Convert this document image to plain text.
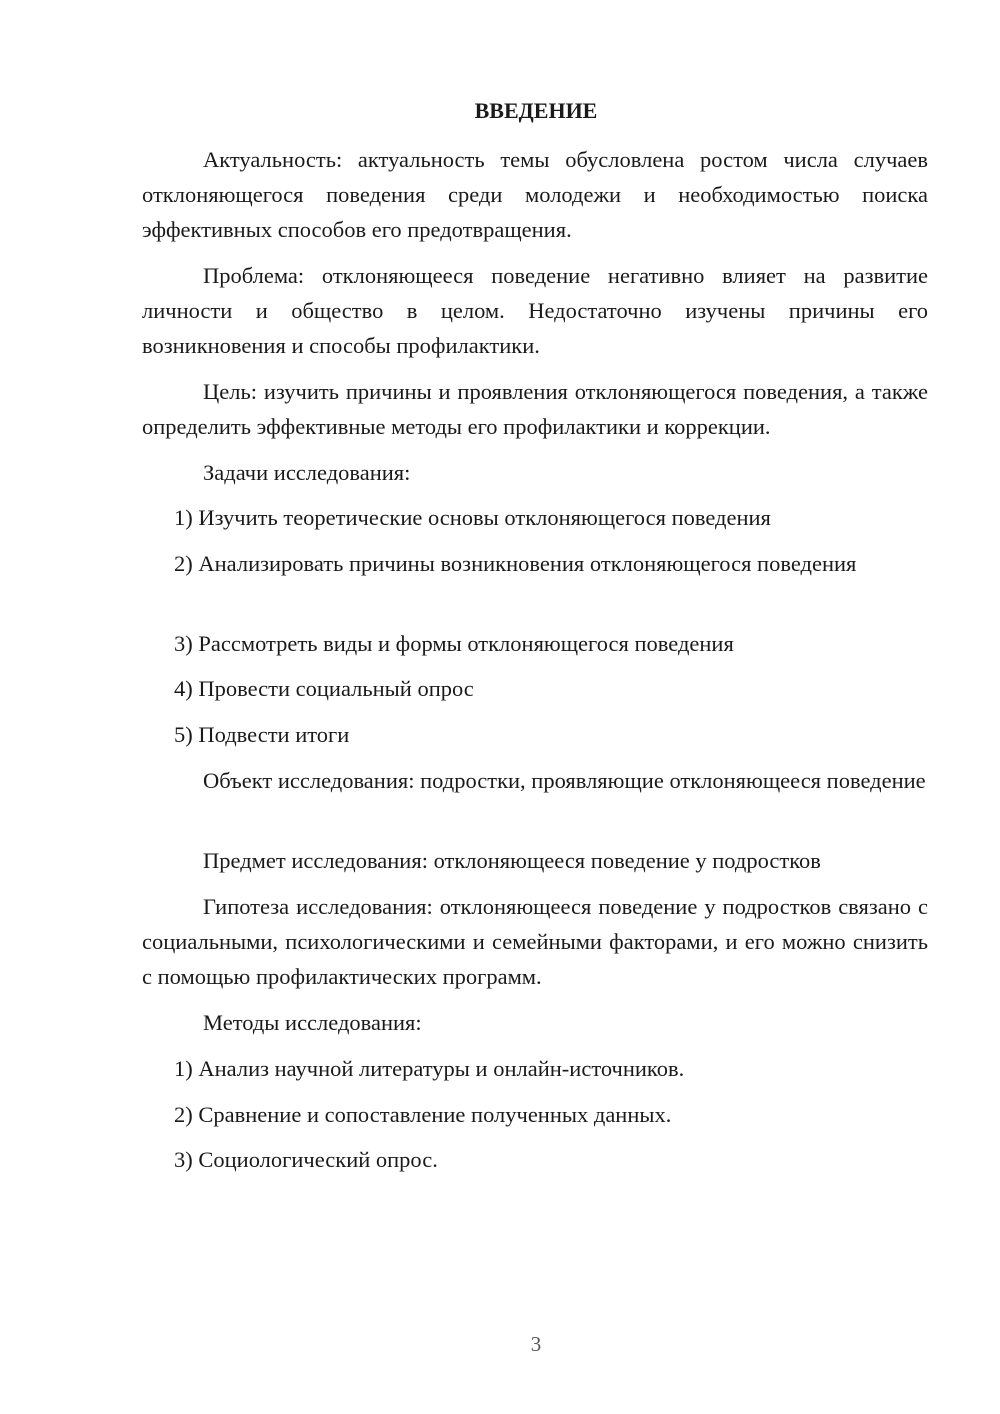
ВВЕДЕНИЕ

Актуальность: актуальность темы обусловлена ростом числа случаев отклоняющегося поведения среди молодежи и необходимостью поиска эффективных способов его предотвращения.

Проблема: отклоняющееся поведение негативно влияет на развитие личности и общество в целом. Недостаточно изучены причины его возникновения и способы профилактики.

Цель: изучить причины и проявления отклоняющегося поведения, а также определить эффективные методы его профилактики и коррекции.

Задачи исследования:

1) Изучить теоретические основы отклоняющегося поведения

2) Анализировать причины возникновения отклоняющегося поведения

3) Рассмотреть виды и формы отклоняющегося поведения

4) Провести социальный опрос

5) Подвести итоги

Объект исследования: подростки, проявляющие отклоняющееся поведение

Предмет исследования: отклоняющееся поведение у подростков

Гипотеза исследования: отклоняющееся поведение у подростков связано с социальными, психологическими и семейными факторами, и его можно снизить с помощью профилактических программ.

Методы исследования:

1) Анализ научной литературы и онлайн-источников.

2) Сравнение и сопоставление полученных данных.

3) Социологический опрос.

3
